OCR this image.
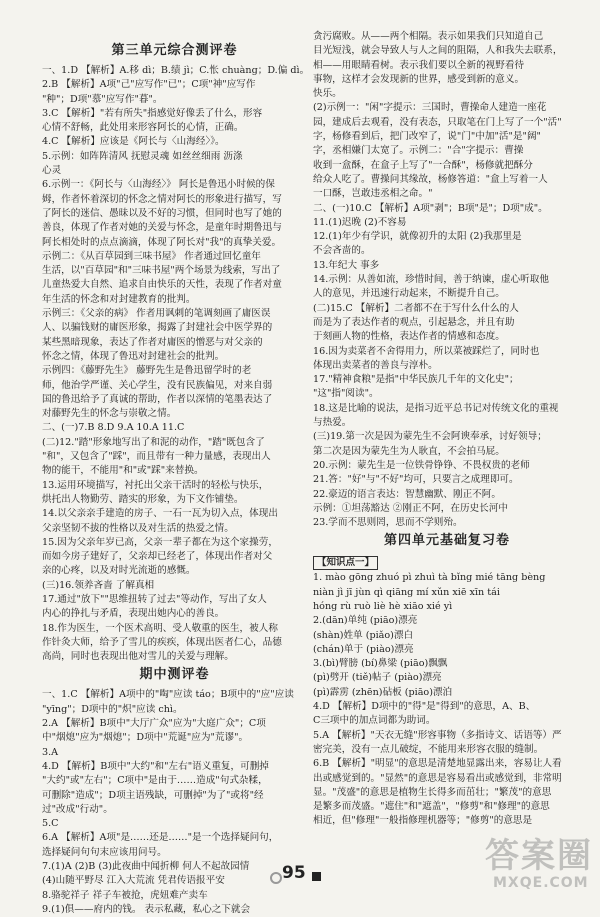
第三单元综合测评卷
一、1.D 【解析】A.移 dì；B.绩 jì；C.怅 chuàng；D.偏 dì。
2.B 【解析】A项"己"应写作"已"；C项"神"应写作
"种"；D项"慕"应写作"暮"。
3.C 【解析】"若有所失"指感觉好像丢了什么，形容
心情不舒畅，此处用来形容阿长的心情，正确。
4.C 【解析】应该是《阿长与〈山海经〉》。
5.示例：如阵阵清风 抚慰灵魂 如丝丝细雨 沥涤
心灵
6.示例一：《阿长与〈山海经〉》 阿长是鲁迅小时候的保
姆，作者怀着深切的怀念之情对阿长的形象进行描写，写
了阿长的迷信、愚昧以及不好的习惯，但同时也写了她的
善良，体现了作者对她的关爱与怀念，是童年时期鲁迅与
阿长相处时的点点滴滴，体现了阿长对"我"的真挚关爱。
示例二：《从百草园到三味书屋》 作者通过回忆童年
生活，以"百草园"和"三味书屋"两个场景为线索，写出了
儿童热爱大自然、追求自由快乐的天性，表现了作者对童
年生活的怀念和对封建教育的批判。
示例三：《父亲的病》 作者用讽刺的笔调刻画了庸医误
人、以骗钱财的庸医形象，揭露了封建社会中医学界的
某些黑暗现象，表达了作者对庸医的憎恶与对父亲的
怀念之情，体现了鲁迅对封建社会的批判。
示例四：《藤野先生》 藤野先生是鲁迅留学时的老
师，他治学严谨、关心学生，没有民族偏见，对来自弱
国的鲁迅给予了真诚的帮助，作者以深情的笔墨表达了
对藤野先生的怀念与崇敬之情。
二、(一)7.B 8.D 9.A 10.A 11.C
(二)12."踏"形象地写出了和泥的动作，"踏"既包含了
"和"，又包含了"踩"，而且带有一种力量感，表现出人
物的能干，不能用"和"或"踩"来替换。
13.运用环境描写，衬托出父亲干活时的轻松与快乐，
烘托出人物勤劳、踏实的形象，为下文作铺垫。
14.以父亲亲手建造的房子、一石一瓦为切入点，体现出
父亲坚韧不拔的性格以及对生活的热爱之情。
15.因为父亲年岁已高，父亲一辈子都在为这个家操劳，
而如今房子建好了，父亲却已经老了，体现出作者对父
亲的心疼，以及对时光流逝的感慨。
(三)16.领养吝啬 了解真相
17.通过"放下""思维扭转了过去"等动作，写出了女人
内心的挣扎与矛盾，表现出她内心的善良。
18.作为医生，一个医术高明、受人敬重的医生，被人称
作针灸大师，给予了雪儿的疾疾，体现出医者仁心，品德
高尚，同时也表现出他对雪儿的关爱与理解。
期中测评卷
一、1.C 【解析】A项中的"啕"应读 táo；B项中的"应"应读
"yīng"；D项中的"炽"应读 chì。
2.A 【解析】B项中"大厅广众"应为"大庭广众"；C项
中"烟熄"应为"烟熄"；D项中"荒诞"应为"荒谬"。
3.A
4.D 【解析】B项中"大约"和"左右"语义重复，可删掉
"大约"或"左右"；C项中"是由于……造成"句式杂糅，
可删除"造成"；D项主语残缺，可删掉"为了"或将"经
过"改成"行动"。
5.C
6.A 【解析】A项"是……还是……"是一个选择疑问句，
选择疑问句句末应该用问号。
7.(1)A (2)B (3)此夜曲中闻折柳 何人不起故园情
(4)山随平野尽 江入大荒流 凭君传语报平安
8.骆驼祥子 祥子车被抢，虎妞难产卖车
9.(1)俱——府内的钱。 表示私藏，私心之下就会
贪污腐败。从——两个相隔。表示如果我们只知道自己
目光短浅，就会导致人与人之间的阻隔，人和我失去联系，
相——用眼睛看树。表示我们要以全新的视野看待
事物，这样才会发现新的世界，感受到新的意义。
快乐。
(2)示例一："闲"字提示：三国时，曹操命人建造一座花
园，建成后去观看，没有表态，只取笔在门上写了一个"活"
字，杨修看到后，把门改窄了，说"门"中加"活"是"阔"
字，丞相嫌门太宽了。示例二："合"字提示：曹操
收到一盒酥，在盒子上写了"一合酥"，杨修就把酥分
给众人吃了。曹操问其缘故，杨修答道："盒上写着一人
一口酥，岂敢违丞相之命。"
二、(一)10.C 【解析】A项"剥"；B项"是"；D项"成"。
11.(1)迟晚 (2)不容易
12.(1)年少有学识，就像初升的太阳 (2)我那里是
不会吝啬的。
13.年纪大 事多
14.示例：从善如流，珍惜时间，善于纳谏，虚心听取他
人的意见，并迅速行动起来，不断提升自己。
(二)15.C 【解析】二者都不在于写什么什么的人
而是为了表达作者的观点，引起悬念，并且有助
于刻画人物的性格，表达作者的情感和态度。
16.因为卖菜者不舍得用力，所以菜被踩烂了，同时也
体现出卖菜者的善良与淳朴。
17."精神食粮"是指"中华民族几千年的文化史"；
"这"指"阅读"。
18.这是比喻的说法，是指习近平总书记对传统文化的重视
与热爱。
(三)19.第一次是因为蒙先生不会阿谀奉承，讨好领导；
第二次是因为蒙先生为人耿直，不会拍马屁。
20.示例：蒙先生是一位铁骨铮铮、不畏权贵的老师
21.答："好"与"不好"均可，只要言之成理即可。
22.豪迈的语言表达：智慧幽默、刚正不阿。
示例：①坦荡豁达 ②刚正不阿，在历史长河中
23.学而不思则罔，思而不学则殆。
第四单元基础复习卷
【知识点一】
1. mào gōng zhuó pì zhuì tà bǐng mié tāng bèng
niàn jì jī jùn qì qiāng mí xǔn xiē xīn tái
hóng rù ruò liè hè xiāo xié yì
2.(dān)单纯 (piāo)漂亮
(shàn)姓单 (piǎo)漂白
(chán)单于 (piào)漂亮
3.(bì)臂膀 (bí)鼻梁 (piāo)飘飘
(pì)劈开 (tiě)帖子 (piào)漂亮
(pì)霹雳 (zhēn)砧板 (piāo)漂泊
4.D 【解析】D项中的"得"是"得到"的意思，A、B、
C三项中的加点词都为助词。
5.A 【解析】"天衣无缝"形容事物（多指诗文、话语等）严
密完美，没有一点儿破绽，不能用来形容衣服的缝制。
6.B 【解析】"明显"的意思是清楚地显露出来，容易让人看
出或感觉到的。"显然"的意思是容易看出或感觉到，非常明
显。"茂盛"的意思是植物生长得多而茁壮；"繁茂"的意思
是繁多而茂盛。"遮住"和"遮盖"，"修剪"和"修理"的意思
相近，但"修理"一般指修理机器等；"修剪"的意思是
95	答案圈
MXQE.COM
